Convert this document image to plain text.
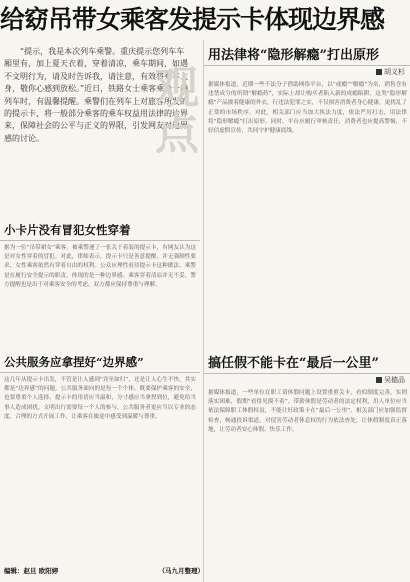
给窈吊带女乘客发提示卡体现边界感
观点

“提示，我是本次列车乘警。重庆提示您列车车厢里有，加上夏天衣着，穿着清凉，乘车期间，如遇不文明行为，请及时告诉我，请注意，有效将乘车人身，敬你心感到放松。”近日，铁路女士乘客乘坐一趟列车时，有温馨提醒。乘警们在列车上对旅客所发的的提示卡，将一般部分乘客的乘车权益用法律的边界来，保障社会的公平与正义的界限，引发网友对边界感的讨论。

小卡片没有冒犯女性穿着

据为一位“吊带裙女”乘客，被乘警递了一张关于着装的提示卡，有网友认为这是对女性穿着的冒犯。对此，律师表示，提示卡只是善意提醒，并无强制性要求，女性乘客依然有穿着自由的权利。公众应理性看待提示卡这种做法，乘警是在履行安全提示的职责，体现的是一种边界感。乘客穿着清凉并无不妥，警方提醒也是出于对乘客安全的考虑。双方都应保持尊重与理解。

公共服务应拿捏好“边界感”

这几年从提示卡出发，不管是让人感到“宾至如归”，还是让人心生不快，其实都是“边界感”的问题。公共服务面向的是每一个个体，既要保护乘客的安全，也要尊重个人选择。提示卡的用语应当温和，分寸感应当拿捏到位，避免给当事人造成困扰。文明出行需要每一个人的参与，公共服务者更应当以专业的态度、合理的方式开展工作，让乘客在旅途中感受到温暖与尊重。

编辑：赵旦 欧阳婷	（马九月整理）
用法律将“隐形解瘾”打出原形
胡义杉

据媒体报道，近期一些不法分子借助网络平台，以“戒瘾”“解瘾”为名，销售含有违禁成分的所谓“解瘾药”，实际上却让购买者陷入新的成瘾陷阱。这类“隐形解瘾”产品披着健康的外衣，行违法犯罪之实，不仅损害消费者身心健康，更扰乱了正常的市场秩序。对此，相关部门应当加大执法力度，依法严厉打击，用法律将“隐形解瘾”打出原形。同时，平台应履行审核责任，消费者也应提高警惕，不轻信虚假宣传，共同守护健康底线。

搞任假不能卡在“最后一公里”
吴德品

据媒体报道，一些单位在职工请休假问题上设置重重关卡，看似制度完善，实则落实困难，假期“看得见摸不着”。带薪休假是劳动者的法定权利，用人单位应当依法保障职工休假权益，不能让好政策卡在“最后一公里”。相关部门应加强监督检查，畅通投诉渠道，对侵害劳动者休息权的行为依法查处，让休假制度真正落地，让劳动者安心休假、快乐工作。
